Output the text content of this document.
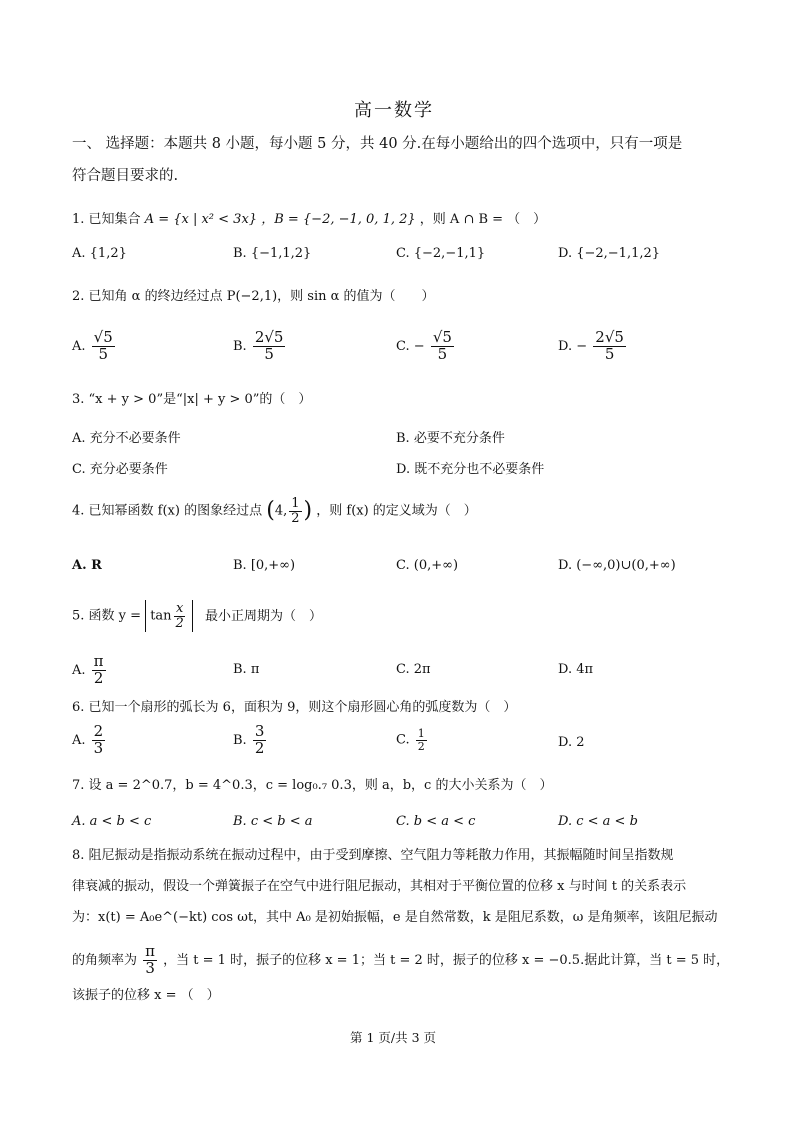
高一数学
一、 选择题：本题共 8 小题，每小题 5 分，共 40 分.在每小题给出的四个选项中，只有一项是
符合题目要求的.
1. 已知集合 A = {x | x² < 3x} ，B = {−2, −1, 0, 1, 2} ，则 A ∩ B = （　）
A. {1,2}	B. {−1,1,2}	C. {−2,−1,1}	D. {−2,−1,1,2}
2. 已知角 α 的终边经过点 P(−2,1)，则 sin α 的值为（　　）
A. $\frac{√5}{5}$	B. $\frac{2√5}{5}$	C. − $\frac{√5}{5}$	D. − $\frac{2√5}{5}$
3. “x + y > 0”是“|x| + y > 0”的（　）
A. 充分不必要条件	B. 必要不充分条件
C. 充分必要条件	D. 既不充分也不必要条件
4. 已知幂函数 f(x) 的图象经过点 (4, $\frac{1}{2}$ ) ，则 f(x) 的定义域为（　）
A. R	B. [0,+∞)	C. (0,+∞)	D. (−∞,0)∪(0,+∞)
5. 函数 $y = \tan \frac{x}{2}$ 最小正周期为（　）
A. $\frac{\pi}{2}$	B. π	C. 2π	D. 4π
6. 已知一个扇形的弧长为 6，面积为 9，则这个扇形圆心角的弧度数为（　）
A. $\frac{2}{3}$	B. $\frac{3}{2}$	C. $\frac{1}{2}$	D. 2
7. 设 a = 2^0.7，b = 4^0.3，c = log₀.₇ 0.3，则 a，b，c 的大小关系为（　）
A. a < b < c	B. c < b < a	C. b < a < c	D. c < a < b
8. 阻尼振动是指振动系统在振动过程中，由于受到摩擦、空气阻力等耗散力作用，其振幅随时间呈指数规
律衰减的振动，假设一个弹簧振子在空气中进行阻尼振动，其相对于平衡位置的位移 x 与时间 t 的关系表示
为：x(t) = A₀e^(−kt) cos ωt，其中 A₀ 是初始振幅，e 是自然常数，k 是阻尼系数，ω 是角频率，该阻尼振动
的角频率为 $\frac{\pi}{3}$ ，当 t = 1 时，振子的位移 x = 1；当 t = 2 时，振子的位移 x = −0.5.据此计算，当 t = 5 时，
该振子的位移 x = （　）
第 1 页/共 3 页
